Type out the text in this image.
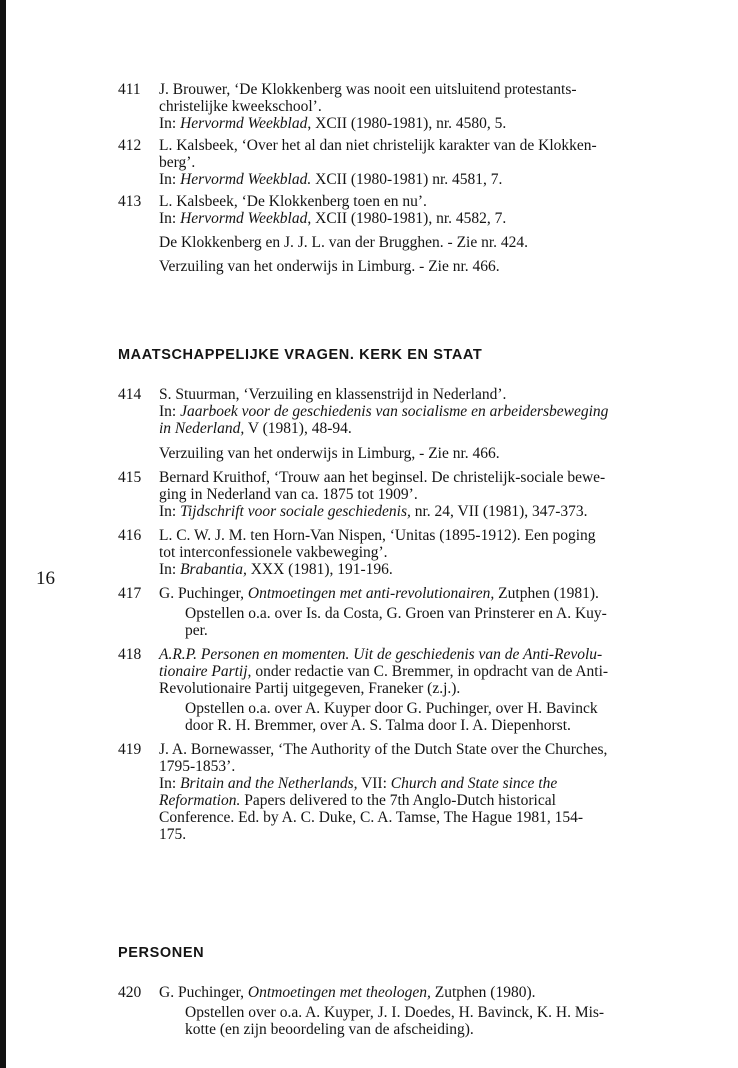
16
411	J. Brouwer, ‘De Klokkenberg was nooit een uitsluitend protestants-
christelijke kweekschool’.
In: Hervormd Weekblad, XCII (1980-1981), nr. 4580, 5.
412	L. Kalsbeek, ‘Over het al dan niet christelijk karakter van de Klokken-
berg’.
In: Hervormd Weekblad. XCII (1980-1981) nr. 4581, 7.
413	L. Kalsbeek, ‘De Klokkenberg toen en nu’.
In: Hervormd Weekblad, XCII (1980-1981), nr. 4582, 7.
De Klokkenberg en J. J. L. van der Brugghen. - Zie nr. 424.
Verzuiling van het onderwijs in Limburg. - Zie nr. 466.
MAATSCHAPPELIJKE VRAGEN. KERK EN STAAT
414	S. Stuurman, ‘Verzuiling en klassenstrijd in Nederland’.
In: Jaarboek voor de geschiedenis van socialisme en arbeidersbeweging
in Nederland, V (1981), 48-94.
Verzuiling van het onderwijs in Limburg, - Zie nr. 466.
415	Bernard Kruithof, ‘Trouw aan het beginsel. De christelijk-sociale bewe-
ging in Nederland van ca. 1875 tot 1909’.
In: Tijdschrift voor sociale geschiedenis, nr. 24, VII (1981), 347-373.
416	L. C. W. J. M. ten Horn-Van Nispen, ‘Unitas (1895-1912). Een poging
tot interconfessionele vakbeweging’.
In: Brabantia, XXX (1981), 191-196.
417	G. Puchinger, Ontmoetingen met anti-revolutionairen, Zutphen (1981).
Opstellen o.a. over Is. da Costa, G. Groen van Prinsterer en A. Kuy-
per.
418	A.R.P. Personen en momenten. Uit de geschiedenis van de Anti-Revolu-
tionaire Partij, onder redactie van C. Bremmer, in opdracht van de Anti-
Revolutionaire Partij uitgegeven, Franeker (z.j.).
Opstellen o.a. over A. Kuyper door G. Puchinger, over H. Bavinck
door R. H. Bremmer, over A. S. Talma door I. A. Diepenhorst.
419	J. A. Bornewasser, ‘The Authority of the Dutch State over the Churches,
1795-1853’.
In: Britain and the Netherlands, VII: Church and State since the
Reformation. Papers delivered to the 7th Anglo-Dutch historical
Conference. Ed. by A. C. Duke, C. A. Tamse, The Hague 1981, 154-
175.
PERSONEN
420	G. Puchinger, Ontmoetingen met theologen, Zutphen (1980).
Opstellen over o.a. A. Kuyper, J. I. Doedes, H. Bavinck, K. H. Mis-
kotte (en zijn beoordeling van de afscheiding).
